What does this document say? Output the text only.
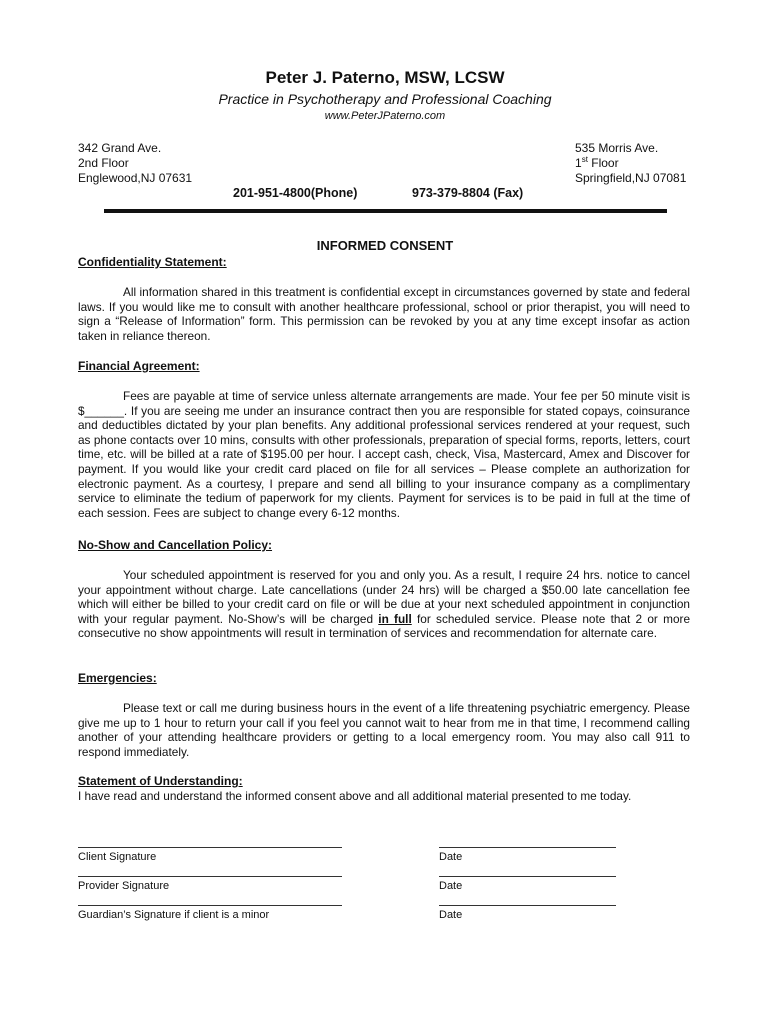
Peter J. Paterno, MSW, LCSW
Practice in Psychotherapy and Professional Coaching
www.PeterJPaterno.com
342 Grand Ave.
2nd Floor
Englewood,NJ 07631
535 Morris Ave.
1st Floor
Springfield,NJ 07081
201-951-4800(Phone)	973-379-8804 (Fax)
INFORMED CONSENT
Confidentiality Statement:
All information shared in this treatment is confidential except in circumstances governed by state and federal laws. If you would like me to consult with another healthcare professional, school or prior therapist, you will need to sign a “Release of Information” form. This permission can be revoked by you at any time except insofar as action taken in reliance thereon.
Financial Agreement:
Fees are payable at time of service unless alternate arrangements are made. Your fee per 50 minute visit is $______. If you are seeing me under an insurance contract then you are responsible for stated copays, coinsurance and deductibles dictated by your plan benefits. Any additional professional services rendered at your request, such as phone contacts over 10 mins, consults with other professionals, preparation of special forms, reports, letters, court time, etc. will be billed at a rate of $195.00 per hour. I accept cash, check, Visa, Mastercard, Amex and Discover for payment. If you would like your credit card placed on file for all services – Please complete an authorization for electronic payment. As a courtesy, I prepare and send all billing to your insurance company as a complimentary service to eliminate the tedium of paperwork for my clients. Payment for services is to be paid in full at the time of each session. Fees are subject to change every 6-12 months.
No-Show and Cancellation Policy:
Your scheduled appointment is reserved for you and only you. As a result, I require 24 hrs. notice to cancel your appointment without charge. Late cancellations (under 24 hrs) will be charged a $50.00 late cancellation fee which will either be billed to your credit card on file or will be due at your next scheduled appointment in conjunction with your regular payment. No-Show’s will be charged in full for scheduled service. Please note that 2 or more consecutive no show appointments will result in termination of services and recommendation for alternate care.
Emergencies:
Please text or call me during business hours in the event of a life threatening psychiatric emergency. Please give me up to 1 hour to return your call if you feel you cannot wait to hear from me in that time, I recommend calling another of your attending healthcare providers or getting to a local emergency room. You may also call 911 to respond immediately.
Statement of Understanding:
I have read and understand the informed consent above and all additional material presented to me today.
Client Signature	Date
Provider Signature	Date
Guardian’s Signature if client is a minor	Date
